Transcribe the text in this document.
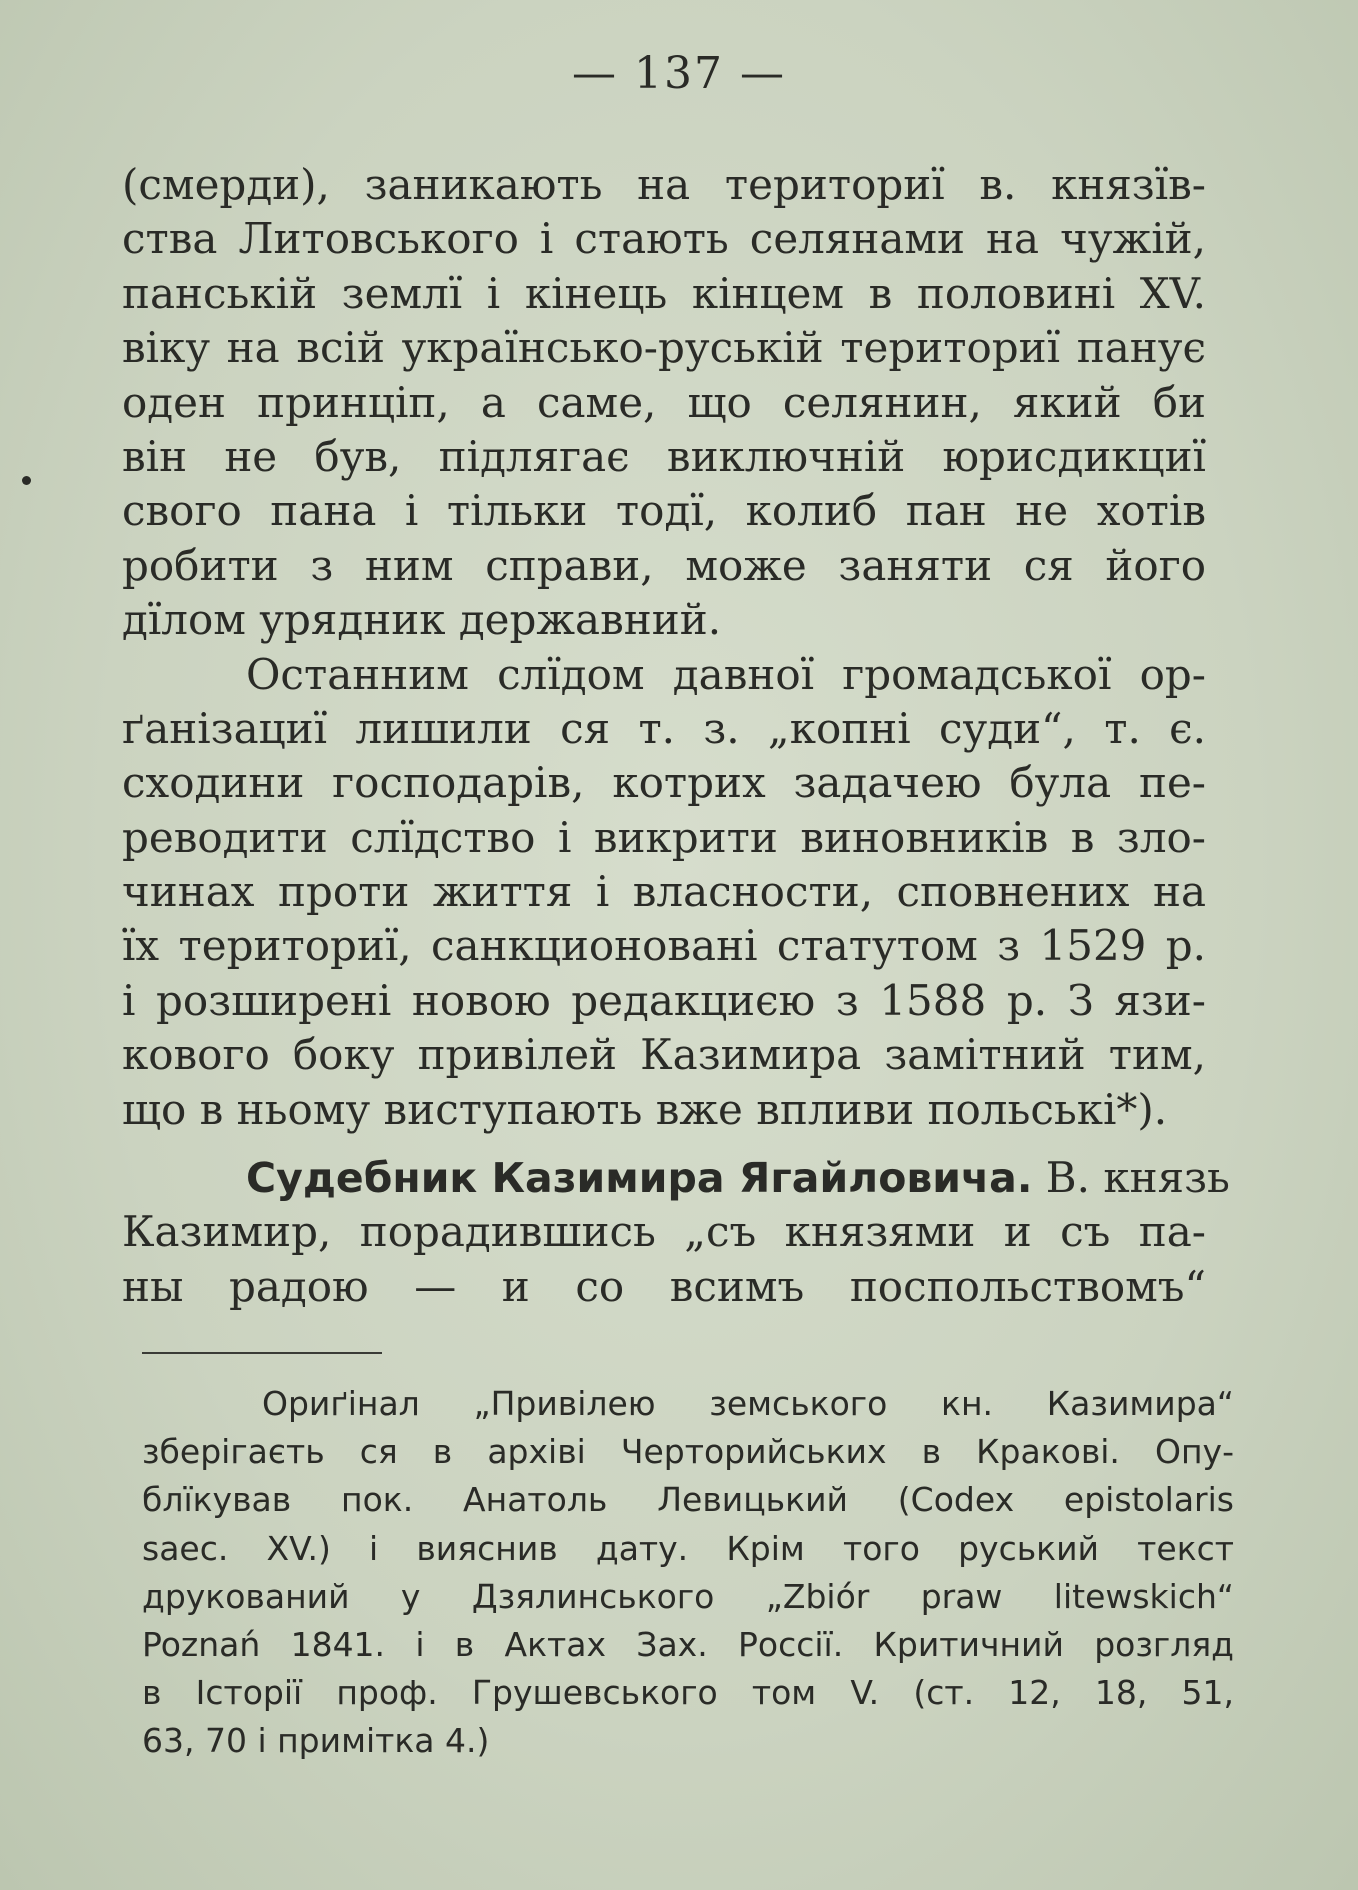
— 137 —
(смерди), заникають на териториї в. князїв-
ства Литовського і стають селянами на чужій,
панській землї і кінець кінцем в половині XV.
віку на всій українсько-руській териториї панує
оден принціп, а саме, що селянин, який би
він не був, підлягає виключній юрисдикциї
свого пана і тільки тодї, колиб пан не хотів
робити з ним справи, може заняти ся його
дїлом урядник державний.
Останним слїдом давної громадської ор-
ґанізациї лишили ся т. з. „копні суди“, т. є.
сходини господарів, котрих задачею була пе-
реводити слїдство і викрити виновників в зло-
чинах проти життя і власности, сповнених на
їх териториї, санкционовані статутом з 1529 р.
і розширені новою редакциєю з 1588 р. З язи-
кового боку привілей Казимира замітний тим,
що в ньому виступають вже впливи польські*).
Судебник Казимира Ягайловича. В. князь
Казимир, порадившись „съ князями и съ па-
ны радою — и со всимъ поспольствомъ“
Ориґінал „Привілею земського кн. Казимира“
зберігаєть ся в архіві Черторийських в Кракові. Опу-
блїкував пок. Анатоль Левицький (Codex epistolaris
saec. XV.) і вияснив дату. Крім того руський текст
друкований у Дзялинського „Zbiór praw litewskich“
Poznań 1841. і в Актах Зах. Россії. Критичний розгляд
в Історії проф. Грушевського том V. (ст. 12, 18, 51,
63, 70 і примітка 4.)
